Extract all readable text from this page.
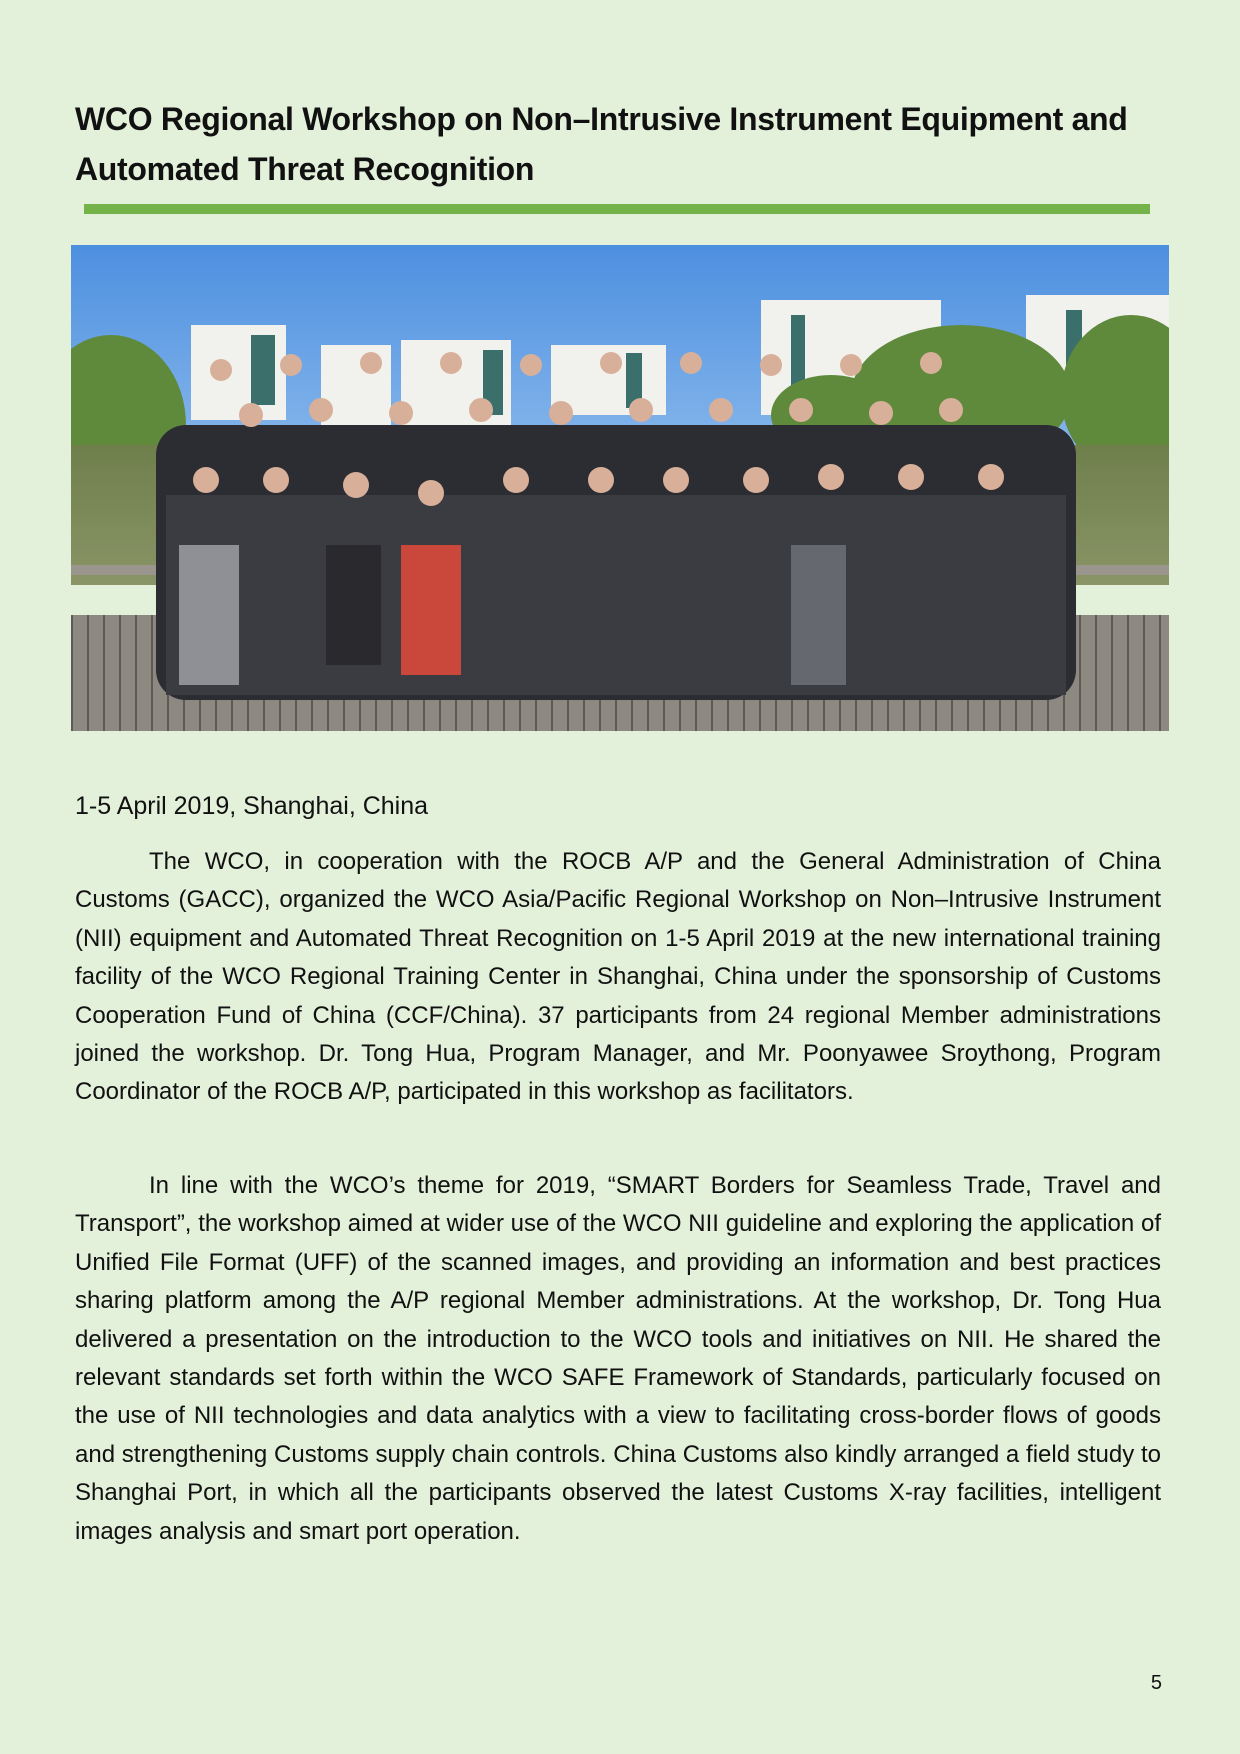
WCO Regional Workshop on Non–Intrusive Instrument Equipment and Automated Threat Recognition

1-5 April 2019, Shanghai, China

The WCO, in cooperation with the ROCB A/P and the General Administration of China Customs (GACC), organized the WCO Asia/Pacific Regional Workshop on Non–Intrusive Instrument (NII) equipment and Automated Threat Recognition on 1-5 April 2019 at the new international training facility of the WCO Regional Training Center in Shanghai, China under the sponsorship of Customs Cooperation Fund of China (CCF/China). 37 participants from 24 regional Member administrations joined the workshop. Dr. Tong Hua, Program Manager, and Mr. Poonyawee Sroythong, Program Coordinator of the ROCB A/P, participated in this workshop as facilitators.

In line with the WCO’s theme for 2019, “SMART Borders for Seamless Trade, Travel and Transport”, the workshop aimed at wider use of the WCO NII guideline and exploring the application of Unified File Format (UFF) of the scanned images, and providing an information and best practices sharing platform among the A/P regional Member administrations. At the workshop, Dr. Tong Hua delivered a presentation on the introduction to the WCO tools and initiatives on NII. He shared the relevant standards set forth within the WCO SAFE Framework of Standards, particularly focused on the use of NII technologies and data analytics with a view to facilitating cross-border flows of goods and strengthening Customs supply chain controls. China Customs also kindly arranged a field study to Shanghai Port, in which all the participants observed the latest Customs X-ray facilities, intelligent images analysis and smart port operation.

5
